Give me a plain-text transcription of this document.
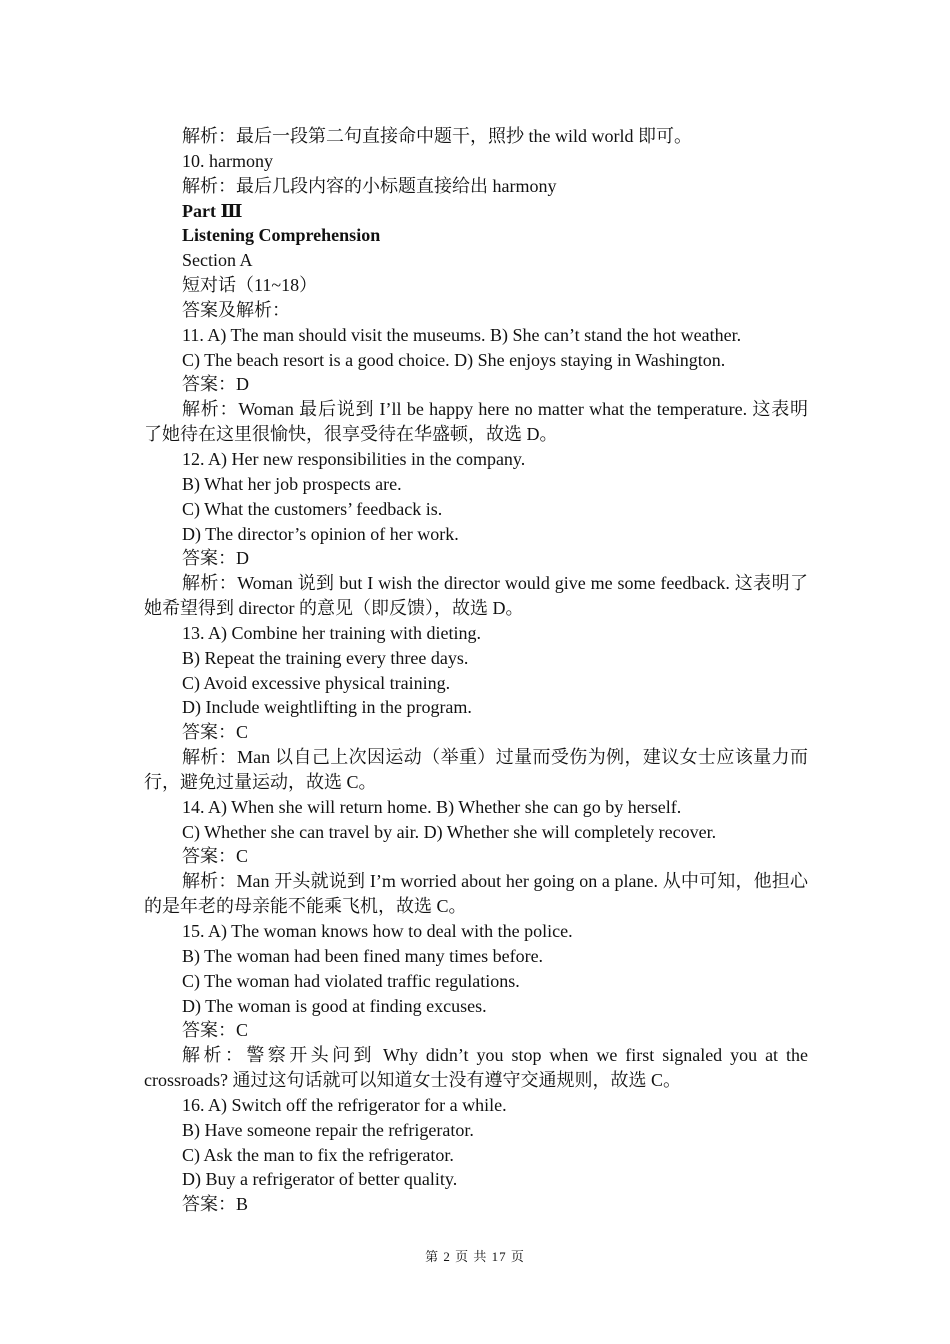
解析：最后一段第二句直接命中题干，照抄 the wild world 即可。

10. harmony

解析：最后几段内容的小标题直接给出 harmony

Part Ⅲ

Listening Comprehension

Section A

短对话（11~18）

答案及解析：

11. A) The man should visit the museums. B) She can’t stand the hot weather.

C) The beach resort is a good choice. D) She enjoys staying in Washington.

答案：D

解析：Woman 最后说到 I’ll be happy here no matter what the temperature. 这表明了她待在这里很愉快，很享受待在华盛顿，故选 D。

12. A) Her new responsibilities in the company.

B) What her job prospects are.

C) What the customers’ feedback is.

D) The director’s opinion of her work.

答案：D

解析：Woman 说到 but I wish the director would give me some feedback. 这表明了她希望得到 director 的意见（即反馈），故选 D。

13. A) Combine her training with dieting.

B) Repeat the training every three days.

C) Avoid excessive physical training.

D) Include weightlifting in the program.

答案：C

解析：Man 以自己上次因运动（举重）过量而受伤为例，建议女士应该量力而行，避免过量运动，故选 C。

14. A) When she will return home. B) Whether she can go by herself.

C) Whether she can travel by air. D) Whether she will completely recover.

答案：C

解析：Man 开头就说到 I’m worried about her going on a plane. 从中可知，他担心的是年老的母亲能不能乘飞机，故选 C。

15. A) The woman knows how to deal with the police.

B) The woman had been fined many times before.

C) The woman had violated traffic regulations.

D) The woman is good at finding excuses.

答案：C

解析：警察开头问到 Why didn’t you stop when we first signaled you at the crossroads? 通过这句话就可以知道女士没有遵守交通规则，故选 C。

16. A) Switch off the refrigerator for a while.

B) Have someone repair the refrigerator.

C) Ask the man to fix the refrigerator.

D) Buy a refrigerator of better quality.

答案：B

第 2 页 共 17 页
